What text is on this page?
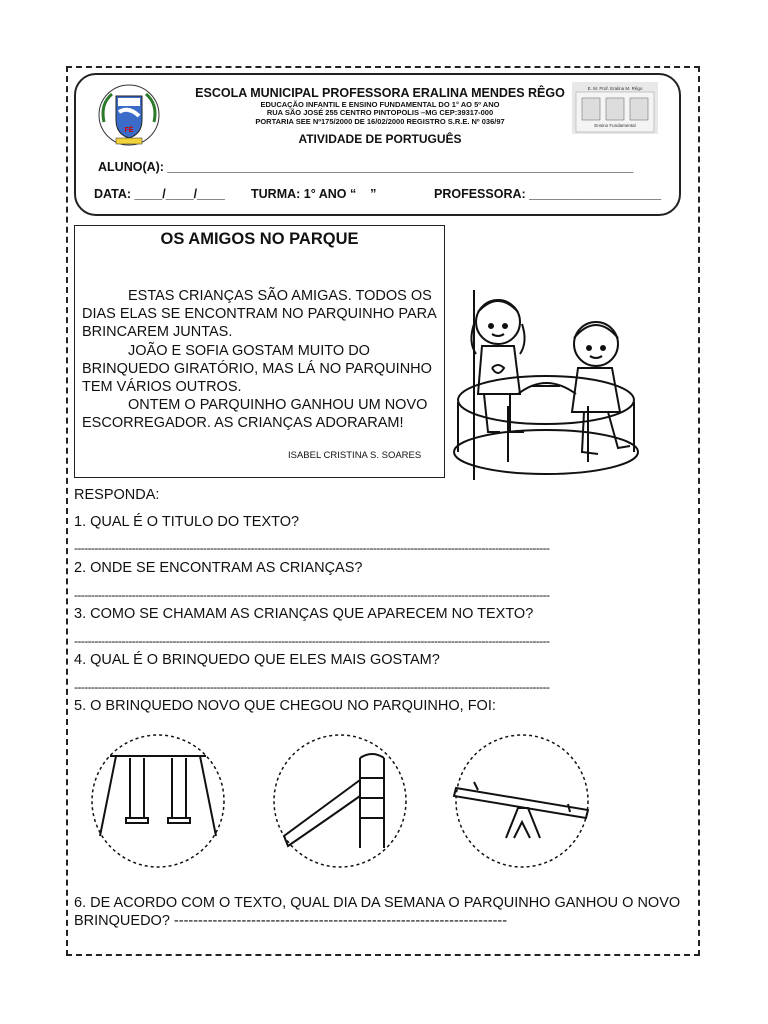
FÉ
E. M. Prof. Eralina M. Rêgo
Ensino Fundamental
ESCOLA MUNICIPAL PROFESSORA ERALINA MENDES RÊGO
EDUCAÇÃO INFANTIL E ENSINO FUNDAMENTAL DO 1° AO 5º ANO
RUA SÃO JOSÉ 255 CENTRO PINTOPOLIS –MG CEP:39317-000
PORTARIA SEE Nº175/2000 DE 16/02/2000 REGISTRO S.R.E. Nº 036/97
ATIVIDADE DE PORTUGUÊS
ALUNO(A): ___________________________________________________________________
DATA: ____/____/____ TURMA: 1° ANO “    ”	PROFESSORA: ___________________
OS AMIGOS NO PARQUE

ESTAS CRIANÇAS SÃO AMIGAS. TODOS OS DIAS ELAS SE ENCONTRAM NO PARQUINHO PARA BRINCAREM JUNTAS.

JOÃO E SOFIA GOSTAM MUITO DO BRINQUEDO GIRATÓRIO, MAS LÁ NO PARQUINHO TEM VÁRIOS OUTROS.

ONTEM O PARQUINHO GANHOU UM NOVO ESCORREGADOR. AS CRIANÇAS ADORARAM!

ISABEL CRISTINA S. SOARES
RESPONDA:
1. QUAL É O TITULO DO TEXTO?
--------------------------------------------------------------------------------------------------------------------------------------------
2. ONDE SE ENCONTRAM AS CRIANÇAS?
--------------------------------------------------------------------------------------------------------------------------------------------
3. COMO SE CHAMAM AS CRIANÇAS QUE APARECEM NO TEXTO?
--------------------------------------------------------------------------------------------------------------------------------------------
4. QUAL É O BRINQUEDO QUE ELES MAIS GOSTAM?
--------------------------------------------------------------------------------------------------------------------------------------------
5. O BRINQUEDO NOVO QUE CHEGOU NO PARQUINHO, FOI:
6. DE ACORDO COM O TEXTO, QUAL DIA DA SEMANA O PARQUINHO GANHOU O NOVO BRINQUEDO? ---------------------------------------------------------------------
